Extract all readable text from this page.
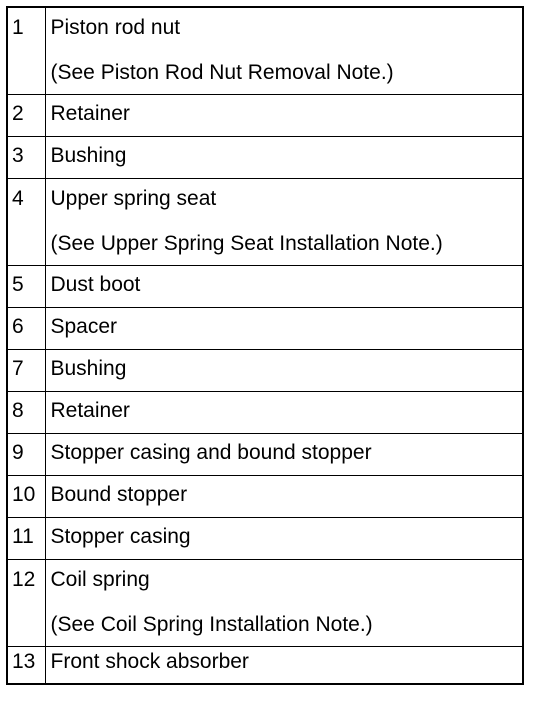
1	Piston rod nut
(See Piston Rod Nut Removal Note.)

2	Retainer

3	Bushing

4	Upper spring seat
(See Upper Spring Seat Installation Note.)

5	Dust boot

6	Spacer

7	Bushing

8	Retainer

9	Stopper casing and bound stopper

10	Bound stopper

11	Stopper casing

12	Coil spring
(See Coil Spring Installation Note.)

13	Front shock absorber
